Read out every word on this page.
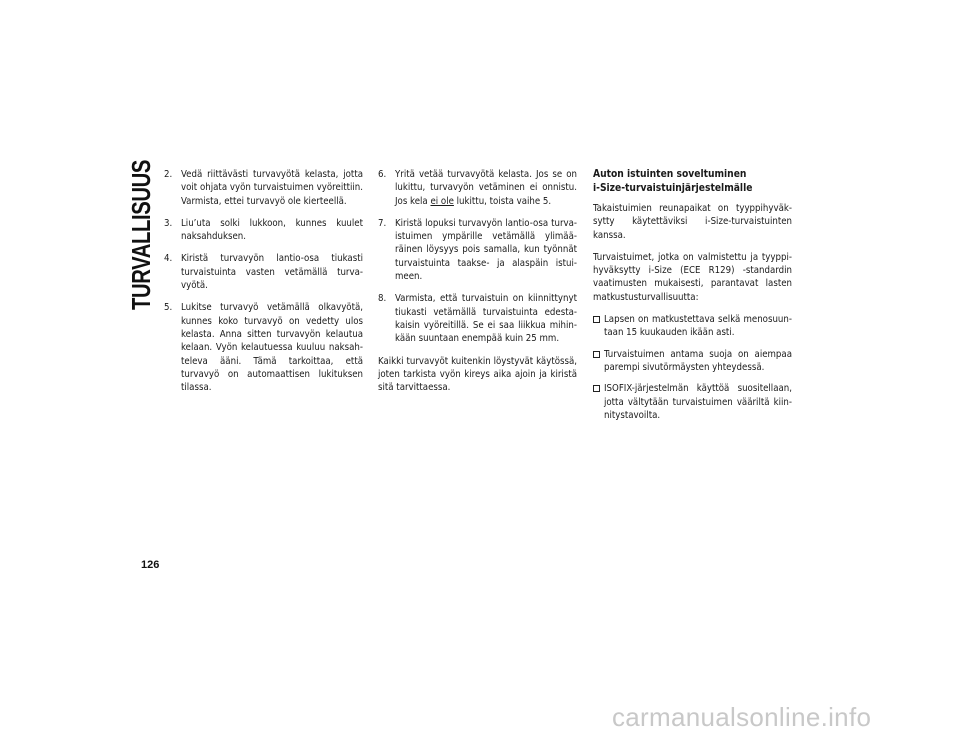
TURVALLISUUS 2. Vedä riittävästi turvavyötä kelasta, jotta voit ohjata vyön turvaistuimen vyöreittiin. Varmista, ettei turvavyö ole kierteellä.
3. Liu’uta solki lukkoon, kunnes kuulet naksahduksen.
4. Kiristä turvavyön lantio-osa tiukasti turvaistuinta vasten vetämällä turva-vyötä.
5. Lukitse turvavyö vetämällä olkavyötä, kunnes koko turvavyö on vedetty ulos kelasta. Anna sitten turvavyön kelautua kelaan. Vyön kelautuessa kuuluu naksah-televa ääni. Tämä tarkoittaa, että turvavyö on automaattisen lukituksen tilassa.
6. Yritä vetää turvavyötä kelasta. Jos se on lukittu, turvavyön vetäminen ei onnistu. Jos kela ei ole lukittu, toista vaihe 5.
7. Kiristä lopuksi turvavyön lantio-osa turva-istuimen ympärille vetämällä ylimää-räinen löysyys pois samalla, kun työnnät turvaistuinta taakse- ja alaspäin istui-meen.
8. Varmista, että turvaistuin on kiinnittynyt tiukasti vetämällä turvaistuinta edesta-kaisin vyöreitillä. Se ei saa liikkua mihin-kään suuntaan enempää kuin 25 mm.

Kaikki turvavyöt kuitenkin löystyvät käytössä, joten tarkista vyön kireys aika ajoin ja kiristä sitä tarvittaessa.

Auton istuinten soveltuminen
i-Size-turvaistuinjärjestelmälle

Takaistuimien reunapaikat on tyyppihyväk-sytty käytettäviksi i-Size-turvaistuinten kanssa.

Turvaistuimet, jotka on valmistettu ja tyyppi-hyväksytty i-Size (ECE R129) -standardin vaatimusten mukaisesti, parantavat lasten matkustusturvallisuutta:

Lapsen on matkustettava selkä menosuun-taan 15 kuukauden ikään asti.
Turvaistuimen antama suoja on aiempaa parempi sivutörmäysten yhteydessä.
ISOFIX-järjestelmän käyttöä suositellaan, jotta vältytään turvaistuimen vääriltä kiin-nitystavoilta.
126
carmanualsonline.info
